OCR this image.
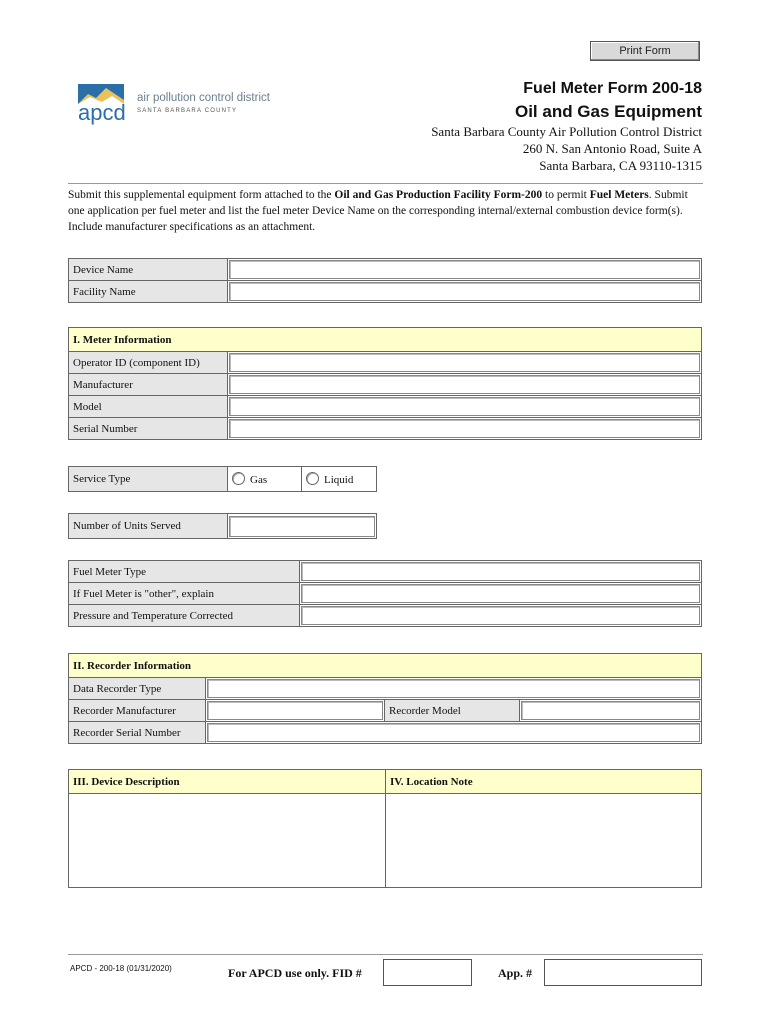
Print Form
apcd
air pollution control district
SANTA BARBARA COUNTY
Fuel Meter Form 200-18
Oil and Gas Equipment
Santa Barbara County Air Pollution Control District
260 N. San Antonio Road, Suite A
Santa Barbara, CA 93110-1315
Submit this supplemental equipment form attached to the Oil and Gas Production Facility Form-200 to permit Fuel Meters. Submit one application per fuel meter and list the fuel meter Device Name on the corresponding internal/external combustion device form(s). Include manufacturer specifications as an attachment.
Device Name	

Facility Name	
I. Meter Information	
Operator ID (component ID)	

Manufacturer	

Model	

Serial Number	
Service Type	Gas	Liquid
Number of Units Served	
Fuel Meter Type	

If Fuel Meter is "other", explain	

Pressure and Temperature Corrected	
II. Recorder Information			
Data Recorder Type			

Recorder Manufacturer		Recorder Model	

Recorder Serial Number			
III. Device Description	IV. Location Note

APCD - 200-18 (01/31/2020)	For APCD use only. FID #	App. #
